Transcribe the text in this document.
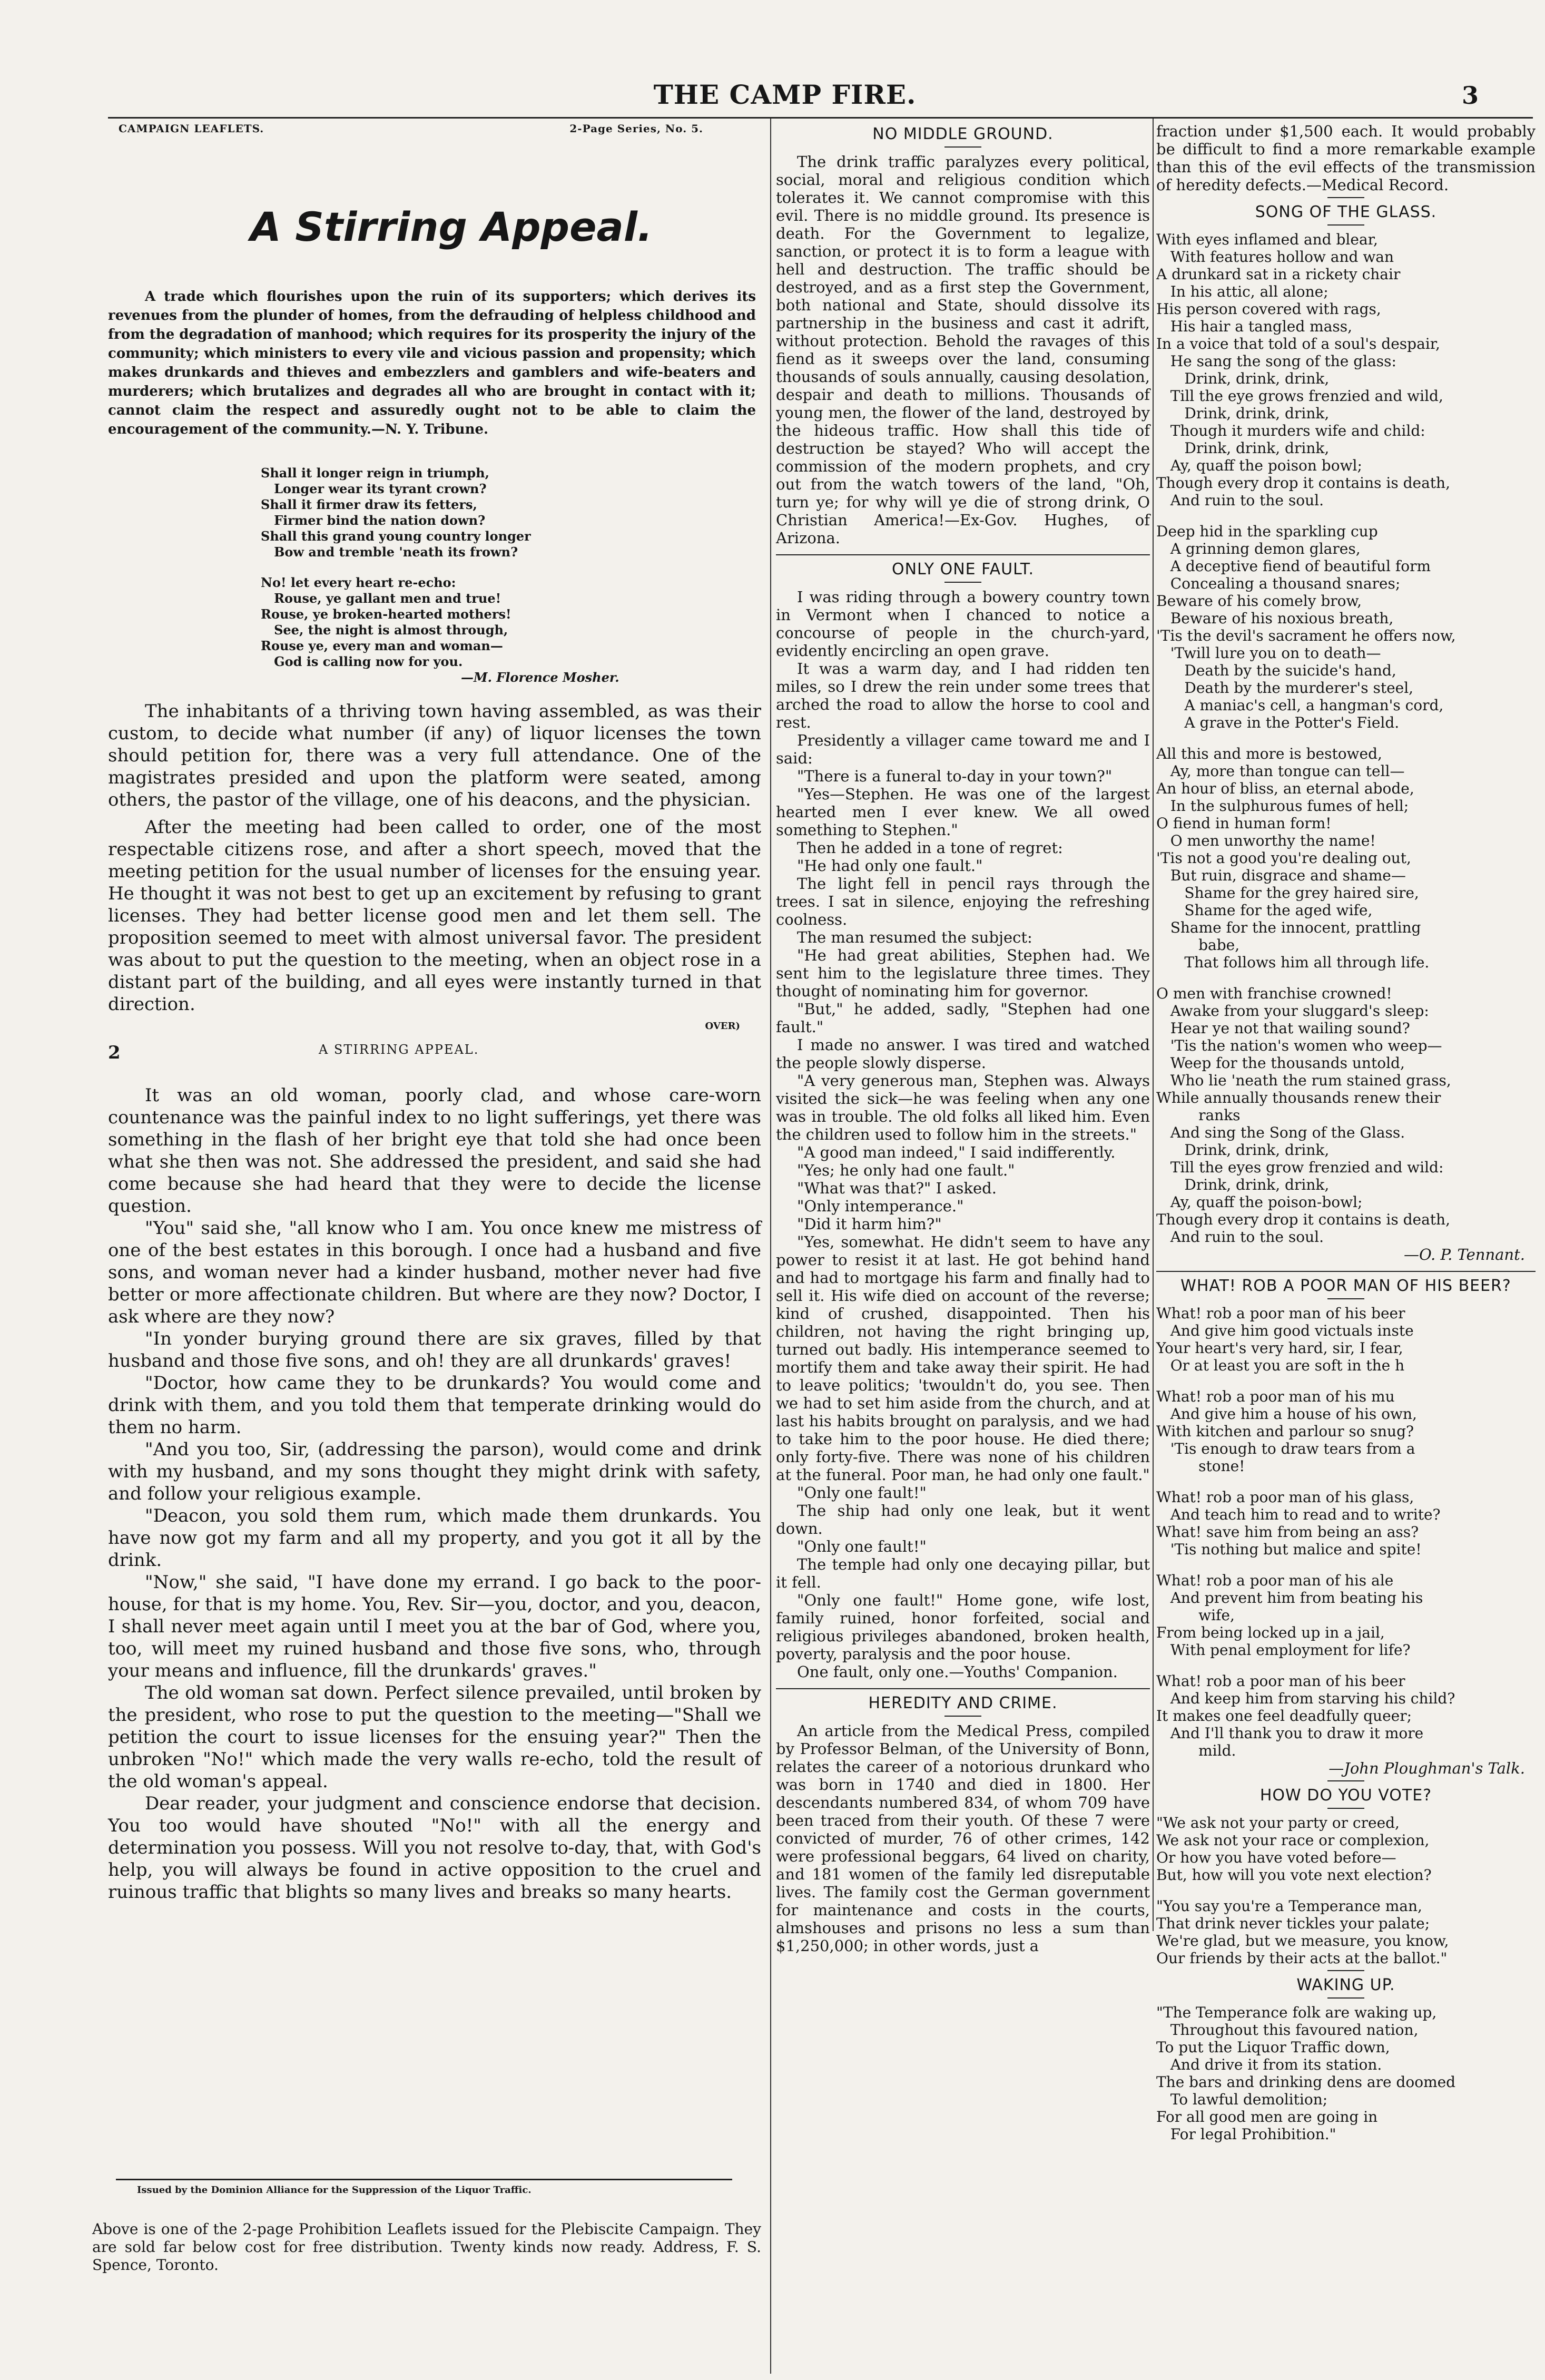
THE CAMP FIRE.	3
CAMPAIGN LEAFLETS.	2-Page Series, No. 5.
A Stirring Appeal.

A trade which flourishes upon the ruin of its supporters; which derives its revenues from the plunder of homes, from the defrauding of helpless childhood and from the degradation of manhood; which requires for its prosperity the injury of the community; which ministers to every vile and vicious passion and propensity; which makes drunkards and thieves and embezzlers and gamblers and wife-beaters and murderers; which brutalizes and degrades all who are brought in contact with it; cannot claim the respect and assuredly ought not to be able to claim the encouragement of the community.—N. Y. Tribune.

Shall it longer reign in triumph,
Longer wear its tyrant crown?
Shall it firmer draw its fetters,
Firmer bind the nation down?
Shall this grand young country longer
Bow and tremble 'neath its frown?
No! let every heart re-echo:
Rouse, ye gallant men and true!
Rouse, ye broken-hearted mothers!
See, the night is almost through,
Rouse ye, every man and woman—
God is calling now for you.
—M. Florence Mosher.

The inhabitants of a thriving town having assembled, as was their custom, to decide what number (if any) of liquor licenses the town should petition for, there was a very full attendance. One of the magistrates presided and upon the platform were seated, among others, the pastor of the village, one of his deacons, and the physician.

After the meeting had been called to order, one of the most respectable citizens rose, and after a short speech, moved that the meeting petition for the usual number of licenses for the ensuing year. He thought it was not best to get up an excitement by refusing to grant licenses. They had better license good men and let them sell. The proposition seemed to meet with almost universal favor. The president was about to put the question to the meeting, when an object rose in a distant part of the building, and all eyes were instantly turned in that direction.

OVER)
2	A STIRRING APPEAL.

It was an old woman, poorly clad, and whose care-worn countenance was the painful index to no light sufferings, yet there was something in the flash of her bright eye that told she had once been what she then was not. She addressed the president, and said she had come because she had heard that they were to decide the license question.

"You" said she, "all know who I am. You once knew me mistress of one of the best estates in this borough. I once had a husband and five sons, and woman never had a kinder husband, mother never had five better or more affectionate children. But where are they now? Doctor, I ask where are they now?

"In yonder burying ground there are six graves, filled by that husband and those five sons, and oh! they are all drunkards' graves!

"Doctor, how came they to be drunkards? You would come and drink with them, and you told them that temperate drinking would do them no harm.

"And you too, Sir, (addressing the parson), would come and drink with my husband, and my sons thought they might drink with safety, and follow your religious example.

"Deacon, you sold them rum, which made them drunkards. You have now got my farm and all my property, and you got it all by the drink.

"Now," she said, "I have done my errand. I go back to the poor-house, for that is my home. You, Rev. Sir—you, doctor, and you, deacon, I shall never meet again until I meet you at the bar of God, where you, too, will meet my ruined husband and those five sons, who, through your means and influence, fill the drunkards' graves."

The old woman sat down. Perfect silence prevailed, until broken by the president, who rose to put the question to the meeting—"Shall we petition the court to issue licenses for the ensuing year?" Then the unbroken "No!" which made the very walls re-echo, told the result of the old woman's appeal.

Dear reader, your judgment and conscience endorse that decision. You too would have shouted "No!" with all the energy and determination you possess. Will you not resolve to-day, that, with God's help, you will always be found in active opposition to the cruel and ruinous traffic that blights so many lives and breaks so many hearts.

Issued by the Dominion Alliance for the Suppression of the Liquor Traffic.
Above is one of the 2-page Prohibition Leaflets issued for the Plebiscite Campaign. They are sold far below cost for free distribution. Twenty kinds now ready. Address, F. S. Spence, Toronto.
NO MIDDLE GROUND.

The drink traffic paralyzes every political, social, moral and religious condition which tolerates it. We cannot compromise with this evil. There is no middle ground. Its presence is death. For the Government to legalize, sanction, or protect it is to form a league with hell and destruction. The traffic should be destroyed, and as a first step the Government, both national and State, should dissolve its partnership in the business and cast it adrift, without protection. Behold the ravages of this fiend as it sweeps over the land, consuming thousands of souls annually, causing desolation, despair and death to millions. Thousands of young men, the flower of the land, destroyed by the hideous traffic. How shall this tide of destruction be stayed? Who will accept the commission of the modern prophets, and cry out from the watch towers of the land, "Oh, turn ye; for why will ye die of strong drink, O Christian America!—Ex-Gov. Hughes, of Arizona.

ONLY ONE FAULT.

I was riding through a bowery country town in Vermont when I chanced to notice a concourse of people in the church-yard, evidently encircling an open grave.

It was a warm day, and I had ridden ten miles, so I drew the rein under some trees that arched the road to allow the horse to cool and rest.

Presidently a villager came toward me and I said:

"There is a funeral to-day in your town?"

"Yes—Stephen. He was one of the largest hearted men I ever knew. We all owed something to Stephen."

Then he added in a tone of regret:

"He had only one fault."

The light fell in pencil rays through the trees. I sat in silence, enjoying the refreshing coolness.

The man resumed the subject:

"He had great abilities, Stephen had. We sent him to the legislature three times. They thought of nominating him for governor.

"But," he added, sadly, "Stephen had one fault."

I made no answer. I was tired and watched the people slowly disperse.

"A very generous man, Stephen was. Always visited the sick—he was feeling when any one was in trouble. The old folks all liked him. Even the children used to follow him in the streets."

"A good man indeed," I said indifferently.

"Yes; he only had one fault."

"What was that?" I asked.

"Only intemperance."

"Did it harm him?"

"Yes, somewhat. He didn't seem to have any power to resist it at last. He got behind hand and had to mortgage his farm and finally had to sell it. His wife died on account of the reverse; kind of crushed, disappointed. Then his children, not having the right bringing up, turned out badly. His intemperance seemed to mortify them and take away their spirit. He had to leave politics; 'twouldn't do, you see. Then we had to set him aside from the church, and at last his habits brought on paralysis, and we had to take him to the poor house. He died there; only forty-five. There was none of his children at the funeral. Poor man, he had only one fault."

"Only one fault!"

The ship had only one leak, but it went down.

"Only one fault!"

The temple had only one decaying pillar, but it fell.

"Only one fault!" Home gone, wife lost, family ruined, honor forfeited, social and religious privileges abandoned, broken health, poverty, paralysis and the poor house.

One fault, only one.—Youths' Companion.

HEREDITY AND CRIME.

An article from the Medical Press, compiled by Professor Belman, of the University of Bonn, relates the career of a notorious drunkard who was born in 1740 and died in 1800. Her descendants numbered 834, of whom 709 have been traced from their youth. Of these 7 were convicted of murder, 76 of other crimes, 142 were professional beggars, 64 lived on charity, and 181 women of the family led disreputable lives. The family cost the German government for maintenance and costs in the courts, almshouses and prisons no less a sum than $1,250,000; in other words, just a

fraction under $1,500 each. It would probably be difficult to find a more remarkable example than this of the evil effects of the transmission of heredity defects.—Medical Record.

SONG OF THE GLASS.
With eyes inflamed and blear,
With features hollow and wan
A drunkard sat in a rickety chair
In his attic, all alone;
His person covered with rags,
His hair a tangled mass,
In a voice that told of a soul's despair,
He sang the song of the glass:
Drink, drink, drink,
Till the eye grows frenzied and wild,
Drink, drink, drink,
Though it murders wife and child:
Drink, drink, drink,
Ay, quaff the poison bowl;
Though every drop it contains is death,
And ruin to the soul.
Deep hid in the sparkling cup
A grinning demon glares,
A deceptive fiend of beautiful form
Concealing a thousand snares;
Beware of his comely brow,
Beware of his noxious breath,
'Tis the devil's sacrament he offers now,
'Twill lure you on to death—
Death by the suicide's hand,
Death by the murderer's steel,
A maniac's cell, a hangman's cord,
A grave in the Potter's Field.
All this and more is bestowed,
Ay, more than tongue can tell—
An hour of bliss, an eternal abode,
In the sulphurous fumes of hell;
O fiend in human form!
O men unworthy the name!
'Tis not a good you're dealing out,
But ruin, disgrace and shame—
Shame for the grey haired sire,
Shame for the aged wife,
Shame for the innocent, prattling
babe,
That follows him all through life.
O men with franchise crowned!
Awake from your sluggard's sleep:
Hear ye not that wailing sound?
'Tis the nation's women who weep—
Weep for the thousands untold,
Who lie 'neath the rum stained grass,
While annually thousands renew their
ranks
And sing the Song of the Glass.
Drink, drink, drink,
Till the eyes grow frenzied and wild:
Drink, drink, drink,
Ay, quaff the poison-bowl;
Though every drop it contains is death,
And ruin to the soul.
—O. P. Tennant.
WHAT! ROB A POOR MAN OF HIS BEER?
What! rob a poor man of his beer
And give him good victuals inste
Your heart's very hard, sir, I fear,
Or at least you are soft in the h
What! rob a poor man of his mu
And give him a house of his own,
With kitchen and parlour so snug?
'Tis enough to draw tears from a
stone!
What! rob a poor man of his glass,
And teach him to read and to write?
What! save him from being an ass?
'Tis nothing but malice and spite!
What! rob a poor man of his ale
And prevent him from beating his
wife,
From being locked up in a jail,
With penal employment for life?
What! rob a poor man of his beer
And keep him from starving his child?
It makes one feel deadfully queer;
And I'll thank you to draw it more
mild.
—John Ploughman's Talk.
HOW DO YOU VOTE?
"We ask not your party or creed,
We ask not your race or complexion,
Or how you have voted before—
But, how will you vote next election?
"You say you're a Temperance man,
That drink never tickles your palate;
We're glad, but we measure, you know,
Our friends by their acts at the ballot."
WAKING UP.
"The Temperance folk are waking up,
Throughout this favoured nation,
To put the Liquor Traffic down,
And drive it from its station.
The bars and drinking dens are doomed
To lawful demolition;
For all good men are going in
For legal Prohibition."
